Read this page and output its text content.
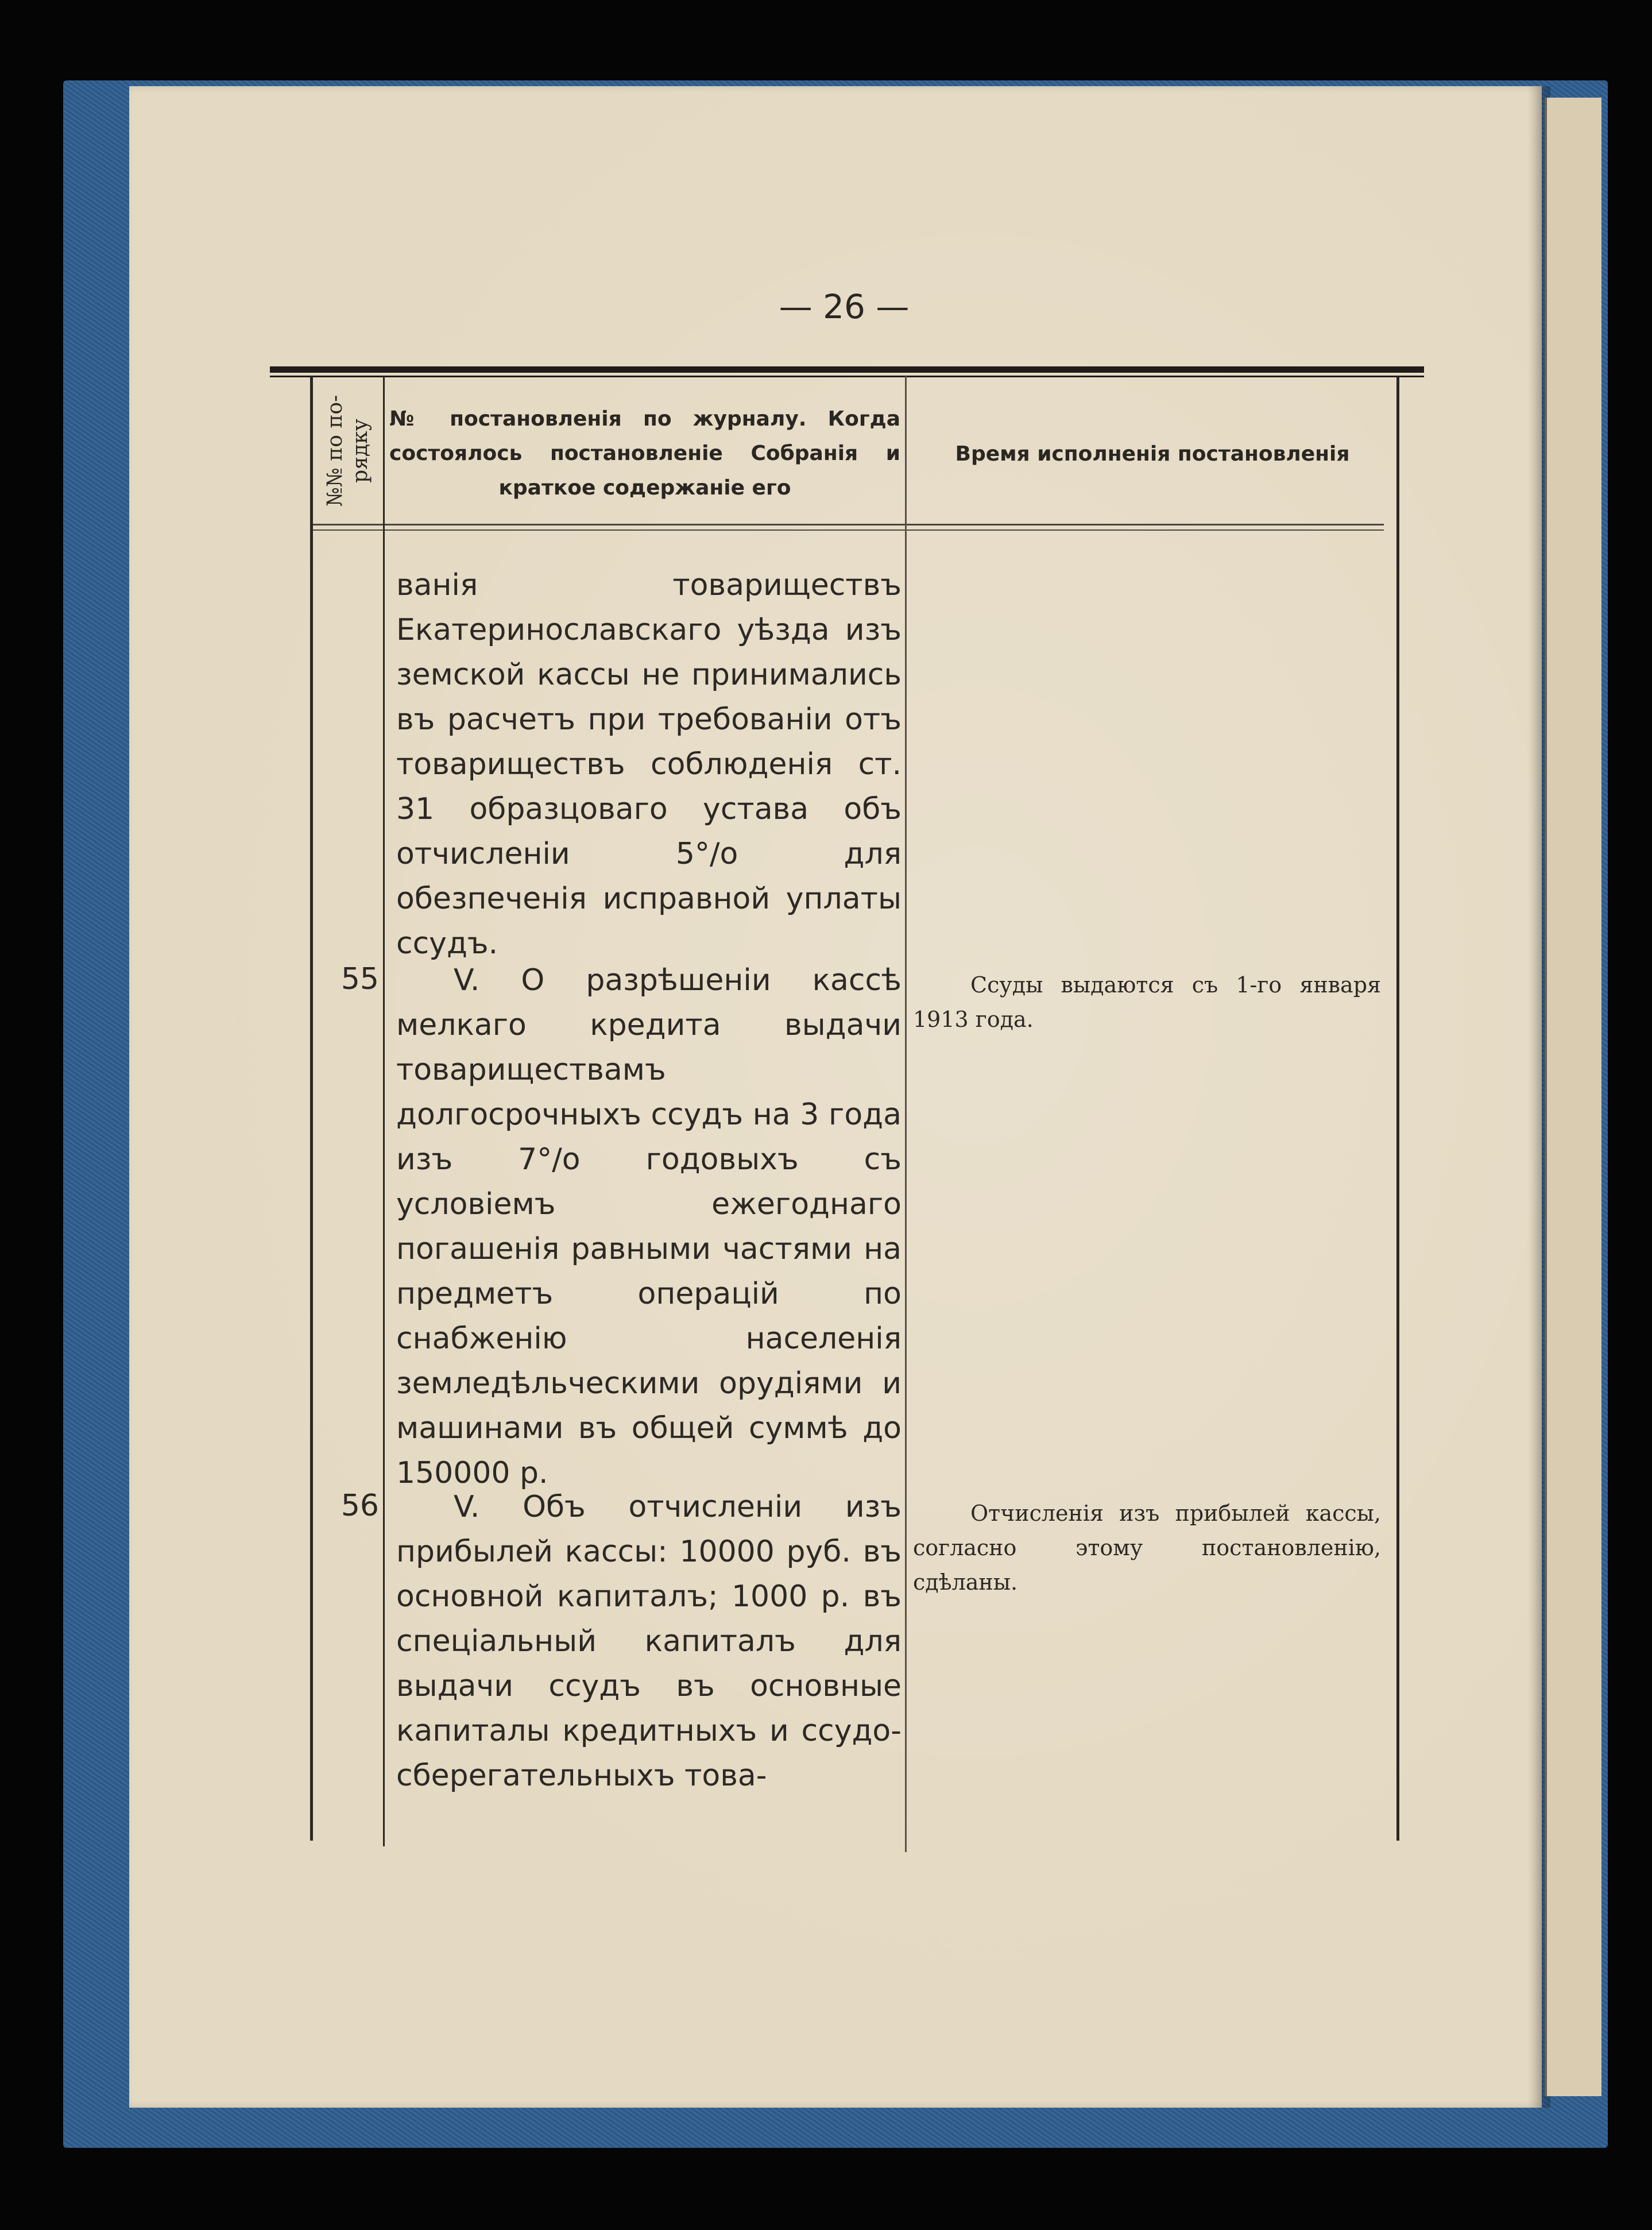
— 26 —
№№ по по-
рядку № постановленія по журналу. Когда состоялось постановленіе Собранія и краткое содержаніе его
Время исполненія постановленія
ванія товариществъ Екатеринославскаго уѣзда изъ земской кассы не принимались въ расчетъ при требованіи отъ товариществъ соблюденія ст. 31 образцоваго устава объ отчисленіи 5°/o для обезпеченія исправной уплаты ссудъ.
55	V. О разрѣшеніи кассѣ мелкаго кредита выдачи товариществамъ долгосрочныхъ ссудъ на 3 года изъ 7°/o годовыхъ съ условіемъ ежегоднаго погашенія равными частями на предметъ операцій по снабженію населенія земледѣльческими орудіями и машинами въ общей суммѣ до 150000 р.
Ссуды выдаются съ 1-го января 1913 года.
56	V. Объ отчисленіи изъ прибылей кассы: 10000 руб. въ основной капиталъ; 1000 р. въ спеціальный капиталъ для выдачи ссудъ въ основные капиталы кредитныхъ и ссудо-сберегательныхъ това-
Отчисленія изъ прибылей кассы, согласно этому постановленію, сдѣланы.
